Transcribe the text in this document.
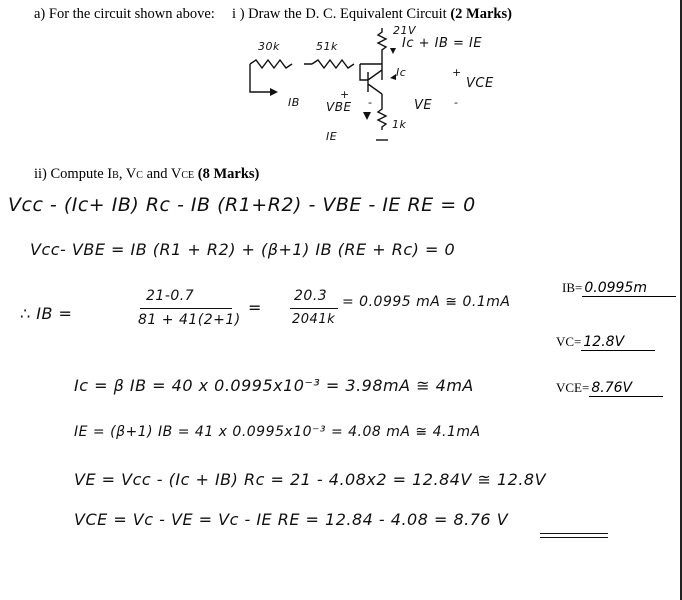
a) For the circuit shown above: i ) Draw the D. C. Equivalent Circuit (2 Marks)
30k	51k
21V
Ic + IB = IE
Ic	+
VCE
-
IB
+
VBE -	VE
1k
IE
ii) Compute IB, VC and VCE (8 Marks)
Vcc - (Ic+ IB) Rc - IB (R1+R2) - VBE - IE RE = 0
Vcc- VBE = IB (R1 + R2) + (β+1) IB (RE + Rc) = 0
∴ IB =
21-0.7
81 + 41(2+1)
=
20.3
2041k
= 0.0995 mA ≅ 0.1mA
Ic = β IB = 40 x 0.0995x10⁻³ = 3.98mA ≅ 4mA
IE = (β+1) IB = 41 x 0.0995x10⁻³ = 4.08 mA ≅ 4.1mA
VE = Vcc - (Ic + IB) Rc = 21 - 4.08x2 = 12.84V ≅ 12.8V
VCE = Vc - VE = Vc - IE RE = 12.84 - 4.08 = 8.76 V
IB= 0.0995m
VC= 12.8V
VCE= 8.76V
